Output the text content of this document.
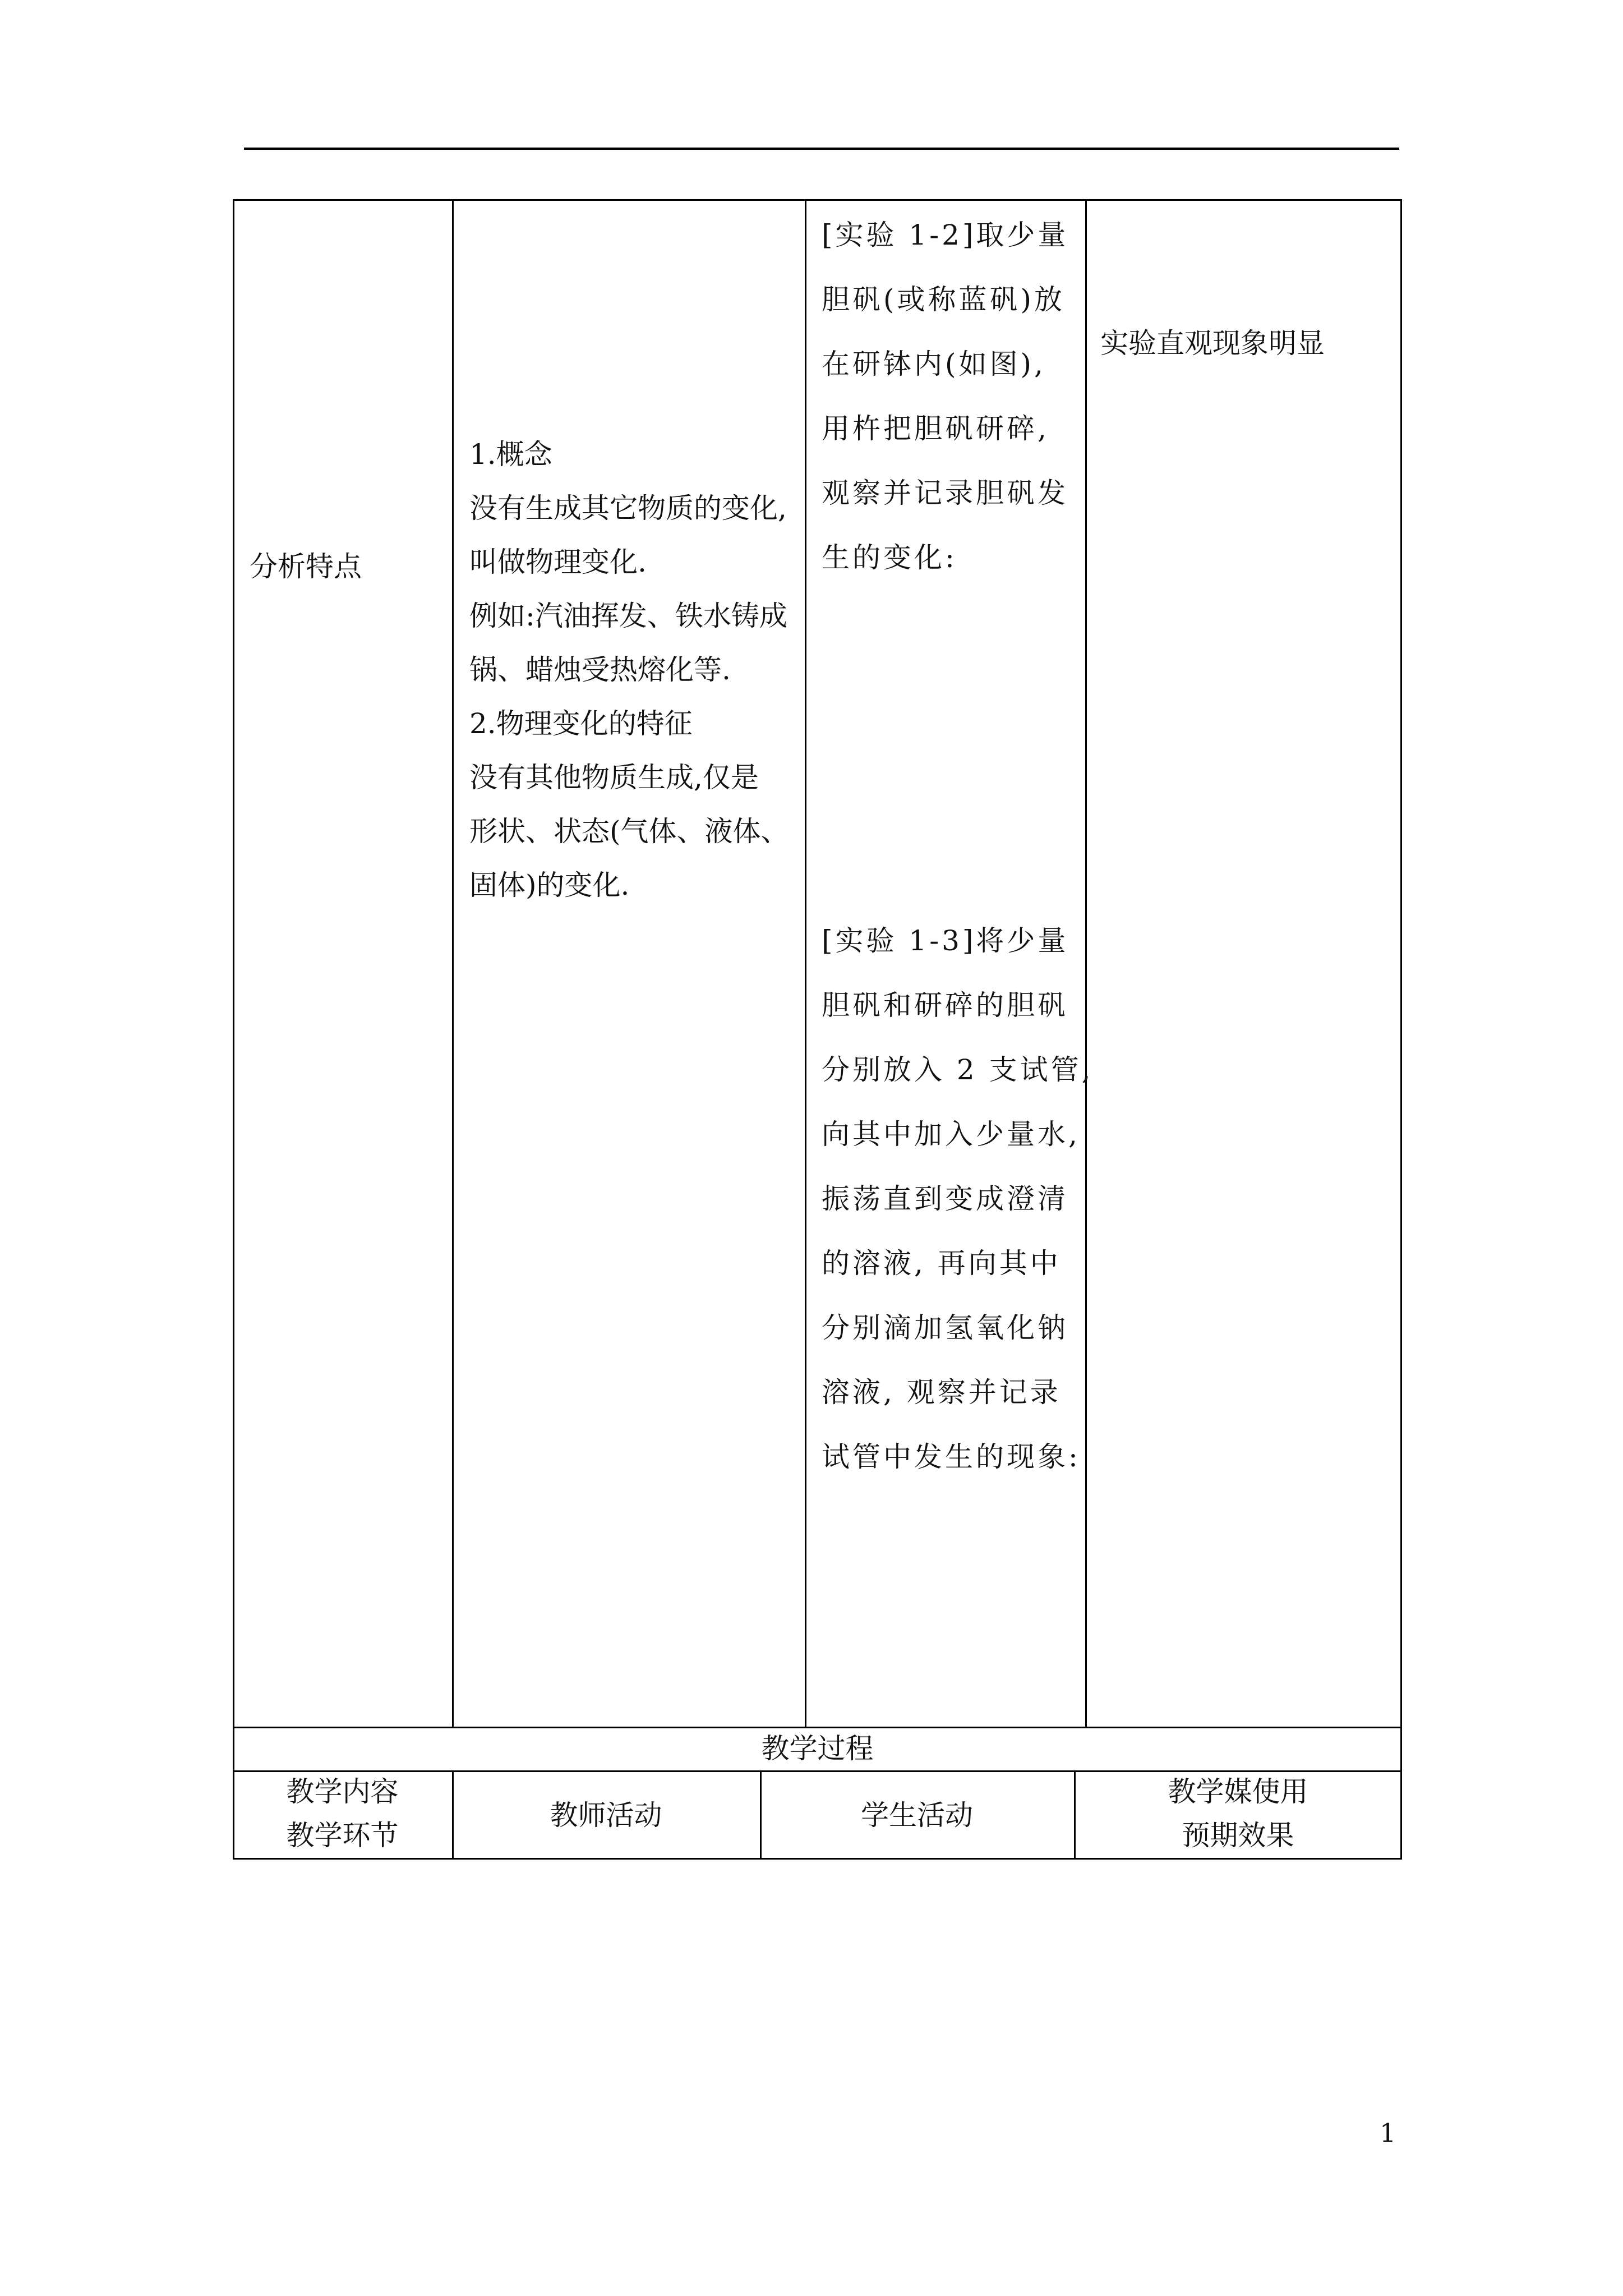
分析特点
1.概念
没有生成其它物质的变化,
叫做物理变化.
例如:汽油挥发、铁水铸成
锅、蜡烛受热熔化等.
2.物理变化的特征
没有其他物质生成,仅是
形状、状态(气体、液体、
固体)的变化.
[实验 1-2]取少量
胆矾(或称蓝矾)放
在研钵内(如图),
用杵把胆矾研碎,
观察并记录胆矾发
生的变化:
[实验 1-3]将少量
胆矾和研碎的胆矾
分别放入 2 支试管,
向其中加入少量水,
振荡直到变成澄清
的溶液, 再向其中
分别滴加氢氧化钠
溶液, 观察并记录
试管中发生的现象:
实验直观现象明显
教学过程
教学内容
教学环节
教师活动	学生活动
教学媒使用
预期效果
1
